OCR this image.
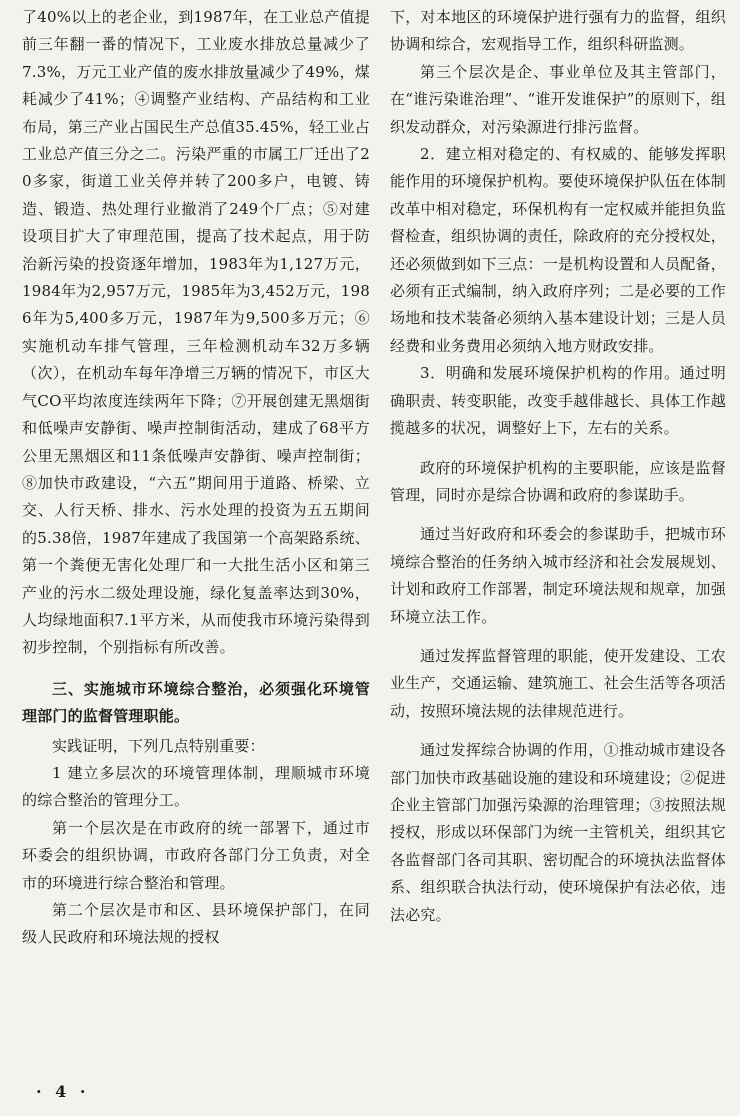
了40%以上的老企业，到1987年，在工业总产值提前三年翻一番的情况下，工业废水排放总量减少了7.3%，万元工业产值的废水排放量减少了49%，煤耗减少了41%；④调整产业结构、产品结构和工业布局，第三产业占国民生产总值35.45%，轻工业占工业总产值三分之二。污染严重的市属工厂迁出了20多家，街道工业关停并转了200多户，电镀、铸造、锻造、热处理行业撤消了249个厂点；⑤对建设项目扩大了审理范围，提高了技术起点，用于防治新污染的投资逐年增加，1983年为1,127万元，1984年为2,957万元，1985年为3,452万元，1986年为5,400多万元，1987年为9,500多万元；⑥实施机动车排气管理，三年检测机动车32万多辆（次），在机动车每年净增三万辆的情况下，市区大气CO平均浓度连续两年下降；⑦开展创建无黑烟街和低噪声安静街、噪声控制街活动，建成了68平方公里无黑烟区和11条低噪声安静街、噪声控制街；⑧加快市政建设，“六五”期间用于道路、桥梁、立交、人行天桥、排水、污水处理的投资为五五期间的5.38倍，1987年建成了我国第一个高架路系统、第一个粪便无害化处理厂和一大批生活小区和第三产业的污水二级处理设施，绿化复盖率达到30%，人均绿地面积7.1平方米，从而使我市环境污染得到初步控制，个别指标有所改善。

三、实施城市环境综合整治，必须强化环境管理部门的监督管理职能。

实践证明，下列几点特别重要：

1 建立多层次的环境管理体制，理顺城市环境的综合整治的管理分工。

第一个层次是在市政府的统一部署下，通过市环委会的组织协调，市政府各部门分工负责，对全市的环境进行综合整治和管理。

第二个层次是市和区、县环境保护部门，在同级人民政府和环境法规的授权

下，对本地区的环境保护进行强有力的监督，组织协调和综合，宏观指导工作，组织科研监测。

第三个层次是企、事业单位及其主管部门，在“谁污染谁治理”、“谁开发谁保护”的原则下，组织发动群众，对污染源进行排污监督。

2．建立相对稳定的、有权威的、能够发挥职能作用的环境保护机构。要使环境保护队伍在体制改革中相对稳定，环保机构有一定权威并能担负监督检查，组织协调的责任，除政府的充分授权处，还必须做到如下三点：一是机构设置和人员配备，必须有正式编制，纳入政府序列；二是必要的工作场地和技术装备必须纳入基本建设计划；三是人员经费和业务费用必须纳入地方财政安排。

3．明确和发展环境保护机构的作用。通过明确职责、转变职能，改变手越俳越长、具体工作越揽越多的状况，调整好上下，左右的关系。

政府的环境保护机构的主要职能，应该是监督管理，同时亦是综合协调和政府的参谋助手。

通过当好政府和环委会的参谋助手，把城市环境综合整治的任务纳入城市经济和社会发展规划、计划和政府工作部署，制定环境法规和规章，加强环境立法工作。

通过发挥监督管理的职能，使开发建设、工农业生产，交通运输、建筑施工、社会生活等各项活动，按照环境法规的法律规范进行。

通过发挥综合协调的作用，①推动城市建设各部门加快市政基础设施的建设和环境建设；②促进企业主管部门加强污染源的治理管理；③按照法规授权，形成以环保部门为统一主管机关，组织其它各监督部门各司其职、密切配合的环境执法监督体系、组织联合执法行动，使环境保护有法必依，违法必究。

· 4 ·
